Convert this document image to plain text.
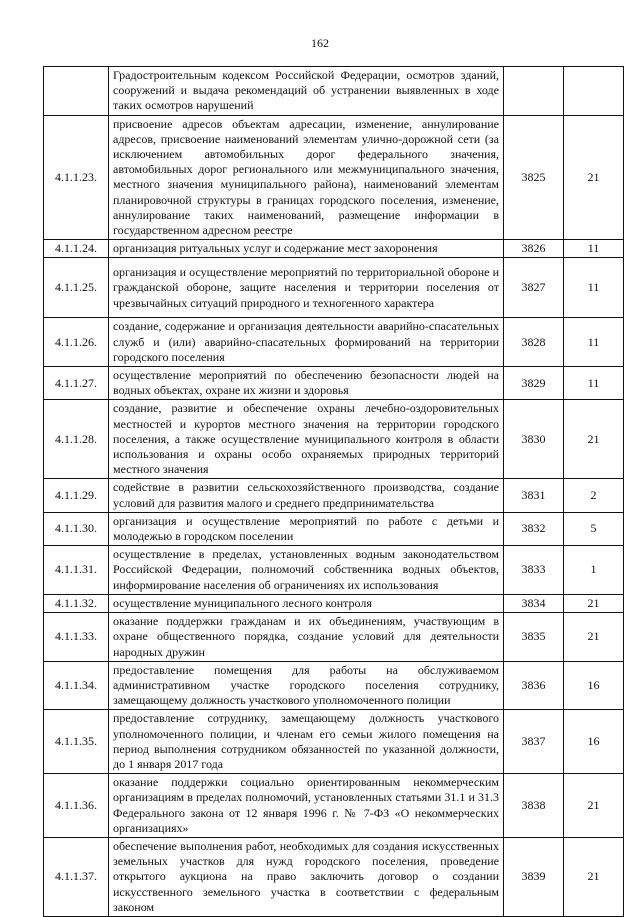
162
	Градостроительным кодексом Российской Федерации, осмотров зданий, сооружений и выдача рекомендаций об устранении выявленных в ходе таких осмотров нарушений		
4.1.1.23.	присвоение адресов объектам адресации, изменение, аннулирование адресов, присвоение наименований элементам улично-дорожной сети (за исключением автомобильных дорог федерального значения, автомобильных дорог регионального или межмуниципального значения, местного значения муниципального района), наименований элементам планировочной структуры в границах городского поселения, изменение, аннулирование таких наименований, размещение информации в государственном адресном реестре	3825	21
4.1.1.24.	организация ритуальных услуг и содержание мест захоронения	3826	11
4.1.1.25.	организация и осуществление мероприятий по территориальной обороне и гражданской обороне, защите населения и территории поселения от чрезвычайных ситуаций природного и техногенного характера	3827	11
4.1.1.26.	создание, содержание и организация деятельности аварийно-спасательных служб и (или) аварийно-спасательных формирований на территории городского поселения	3828	11
4.1.1.27.	осуществление мероприятий по обеспечению безопасности людей на водных объектах, охране их жизни и здоровья	3829	11
4.1.1.28.	создание, развитие и обеспечение охраны лечебно-оздоровительных местностей и курортов местного значения на территории городского поселения, а также осуществление муниципального контроля в области использования и охраны особо охраняемых природных территорий местного значения	3830	21
4.1.1.29.	содействие в развитии сельскохозяйственного производства, создание условий для развития малого и среднего предпринимательства	3831	2
4.1.1.30.	организация и осуществление мероприятий по работе с детьми и молодежью в городском поселении	3832	5
4.1.1.31.	осуществление в пределах, установленных водным законодательством Российской Федерации, полномочий собственника водных объектов, информирование населения об ограничениях их использования	3833	1
4.1.1.32.	осуществление муниципального лесного контроля	3834	21
4.1.1.33.	оказание поддержки гражданам и их объединениям, участвующим в охране общественного порядка, создание условий для деятельности народных дружин	3835	21
4.1.1.34.	предоставление помещения для работы на обслуживаемом административном участке городского поселения сотруднику, замещающему должность участкового уполномоченного полиции	3836	16
4.1.1.35.	предоставление сотруднику, замещающему должность участкового уполномоченного полиции, и членам его семьи жилого помещения на период выполнения сотрудником обязанностей по указанной должности, до 1 января 2017 года	3837	16
4.1.1.36.	оказание поддержки социально ориентированным некоммерческим организациям в пределах полномочий, установленных статьями 31.1 и 31.3 Федерального закона от 12 января 1996 г. № 7-ФЗ «О некоммерческих организациях»	3838	21
4.1.1.37.	обеспечение выполнения работ, необходимых для создания искусственных земельных участков для нужд городского поселения, проведение открытого аукциона на право заключить договор о создании искусственного земельного участка в соответствии с федеральным законом	3839	21
